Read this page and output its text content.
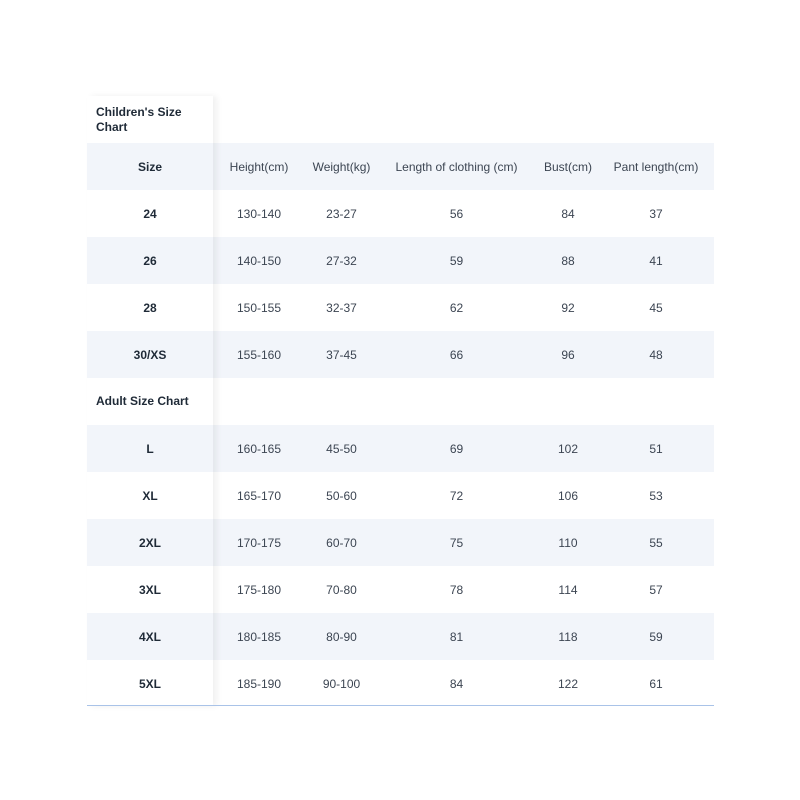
Children's Size Chart
Size	Height(cm)	Weight(kg)	Length of clothing (cm)	Bust(cm)	Pant length(cm)
24	130-140	23-27	56	84	37
26	140-150	27-32	59	88	41
28	150-155	32-37	62	92	45
30/XS	155-160	37-45	66	96	48
Adult Size Chart
L	160-165	45-50	69	102	51
XL	165-170	50-60	72	106	53
2XL	170-175	60-70	75	110	55
3XL	175-180	70-80	78	114	57
4XL	180-185	80-90	81	118	59
5XL	185-190	90-100	84	122	61
